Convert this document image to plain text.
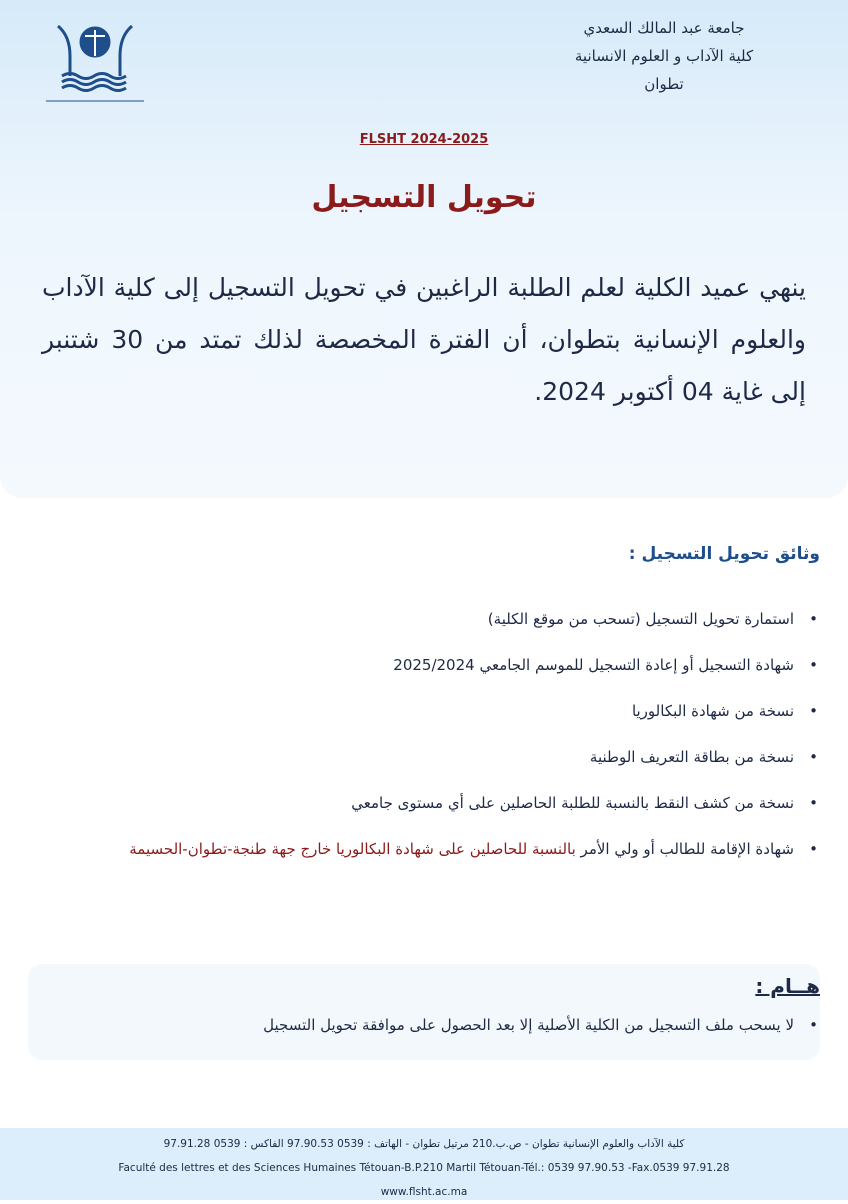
جامعة عبد المالك السعدي
كلية الآداب و العلوم الانسانية
تطوان
FLSHT 2024-2025
تحويل التسجيل
ينهي عميد الكلية لعلم الطلبة الراغبين في تحويل التسجيل إلى كلية الآداب والعلوم الإنسانية بتطوان، أن الفترة المخصصة لذلك تمتد من 30 شتنبر إلى غاية 04 أكتوبر 2024.
وثائق تحويل التسجيل :
• استمارة تحويل التسجيل (تسحب من موقع الكلية)
• شهادة التسجيل أو إعادة التسجيل للموسم الجامعي 2025/2024
• نسخة من شهادة البكالوريا
• نسخة من بطاقة التعريف الوطنية
• نسخة من كشف النقط بالنسبة للطلبة الحاصلين على أي مستوى جامعي
• شهادة الإقامة للطالب أو ولي الأمر بالنسبة للحاصلين على شهادة البكالوريا خارج جهة طنجة-تطوان-الحسيمة
هــام :
• لا يسحب ملف التسجيل من الكلية الأصلية إلا بعد الحصول على موافقة تحويل التسجيل
كلية الآداب والعلوم الإنسانية تطوان - ص.ب.210 مرتيل تطوان - الهاتف : 0539 97.90.53 الفاكس : 0539 97.91.28
Faculté des lettres et des Sciences Humaines Tétouan-B.P.210 Martil Tétouan-Tél.: 0539 97.90.53 -Fax.0539 97.91.28
www.flsht.ac.ma
